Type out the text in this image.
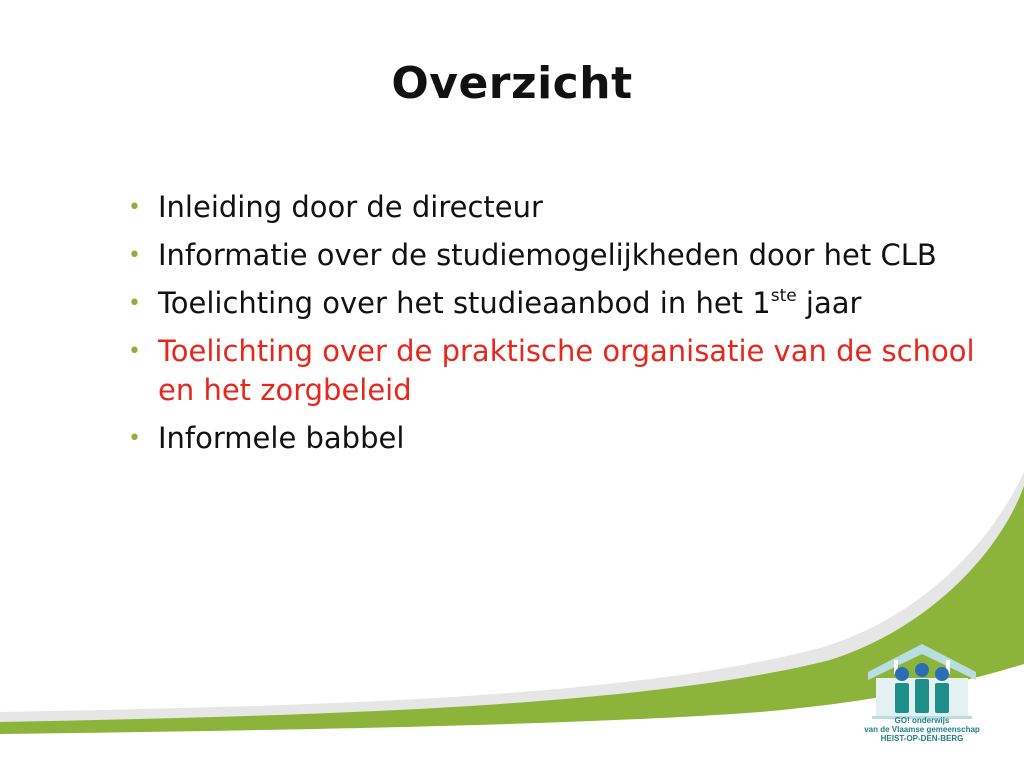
Overzicht
• Inleiding door de directeur
• Informatie over de studiemogelijkheden door het CLB
• Toelichting over het studieaanbod in het 1ste jaar
• Toelichting over de praktische organisatie van de school en het zorgbeleid
• Informele babbel
GO! onderwijs
van de Vlaamse gemeenschap
HEIST-OP-DEN-BERG
